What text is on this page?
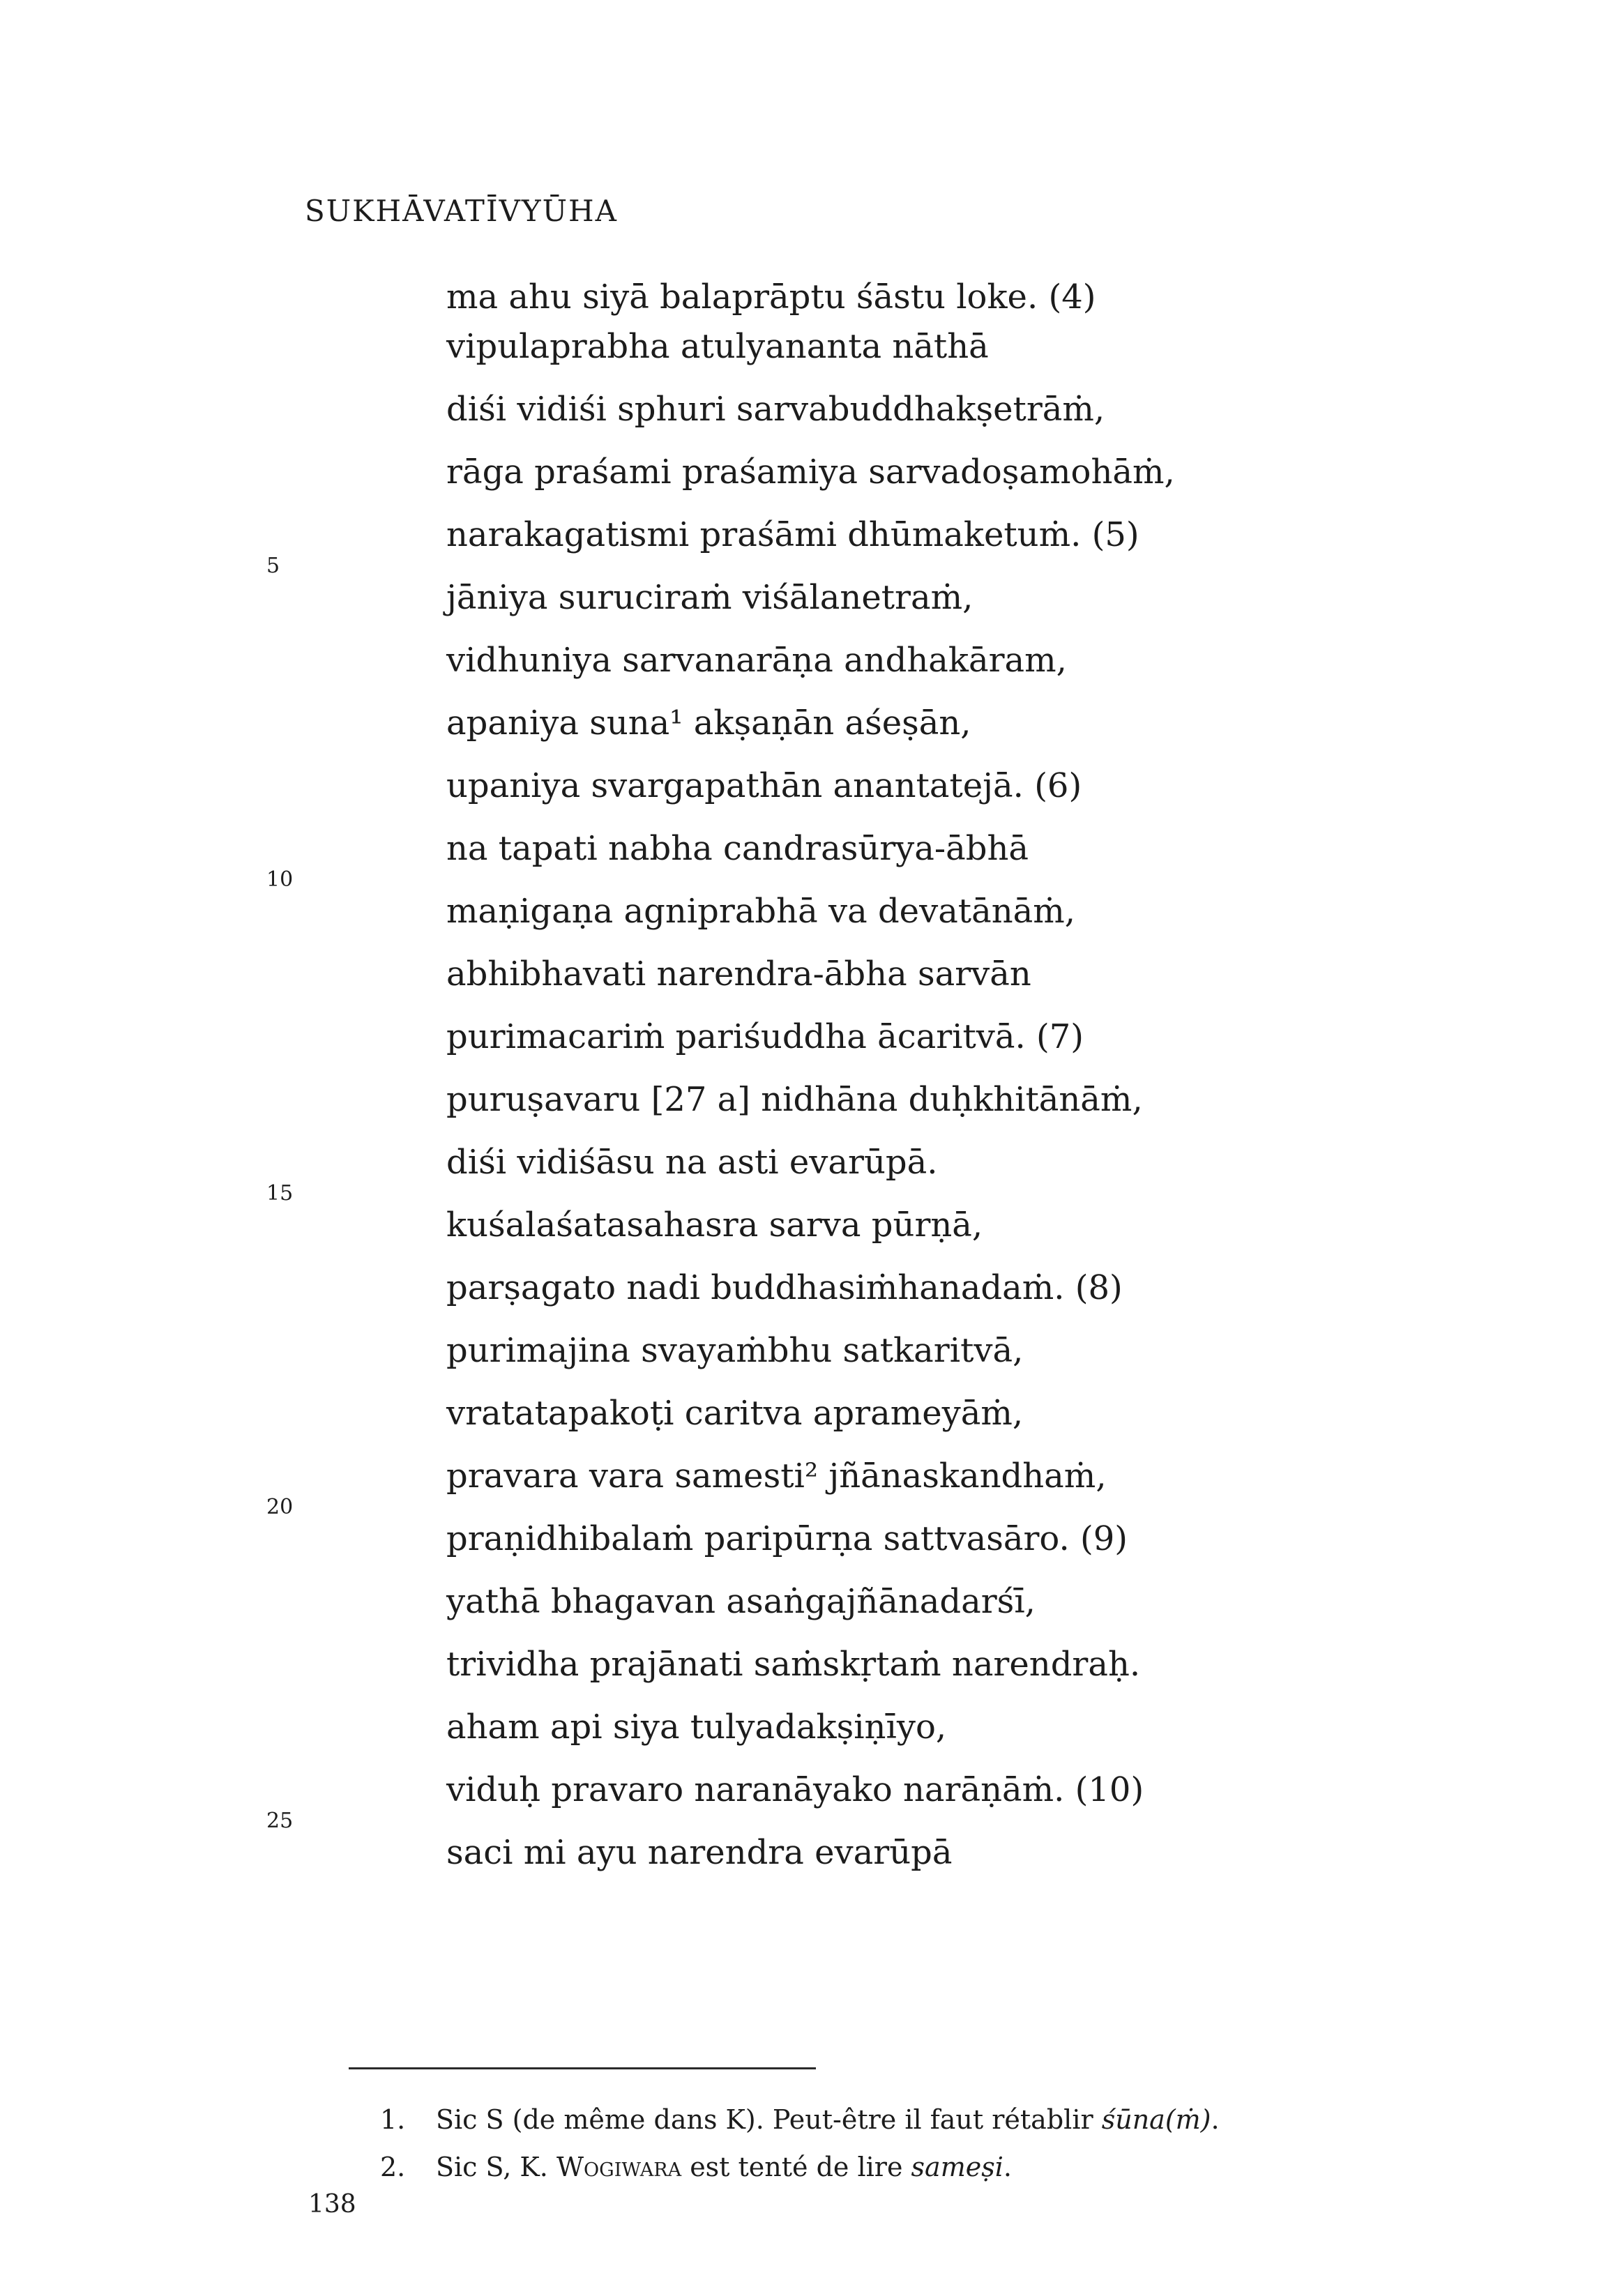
SUKHĀVATĪVYŪHA
ma ahu siyā balaprāptu śāstu loke. (4)
vipulaprabha atulyananta nāthā
diśi vidiśi sphuri sarvabuddhakṣetrāṁ,
rāga praśami praśamiya sarvadoṣamohāṁ,
narakagatismi praśāmi dhūmaketuṁ. (5)
jāniya suruciraṁ viśālanetraṁ,
vidhuniya sarvanarāṇa andhakāram,
apaniya suna¹ akṣaṇān aśeṣān,
upaniya svargapathān anantatejā. (6)
na tapati nabha candrasūrya-ābhā
maṇigaṇa agniprabhā va devatānāṁ,
abhibhavati narendra-ābha sarvān
purimacariṁ pariśuddha ācaritvā. (7)
puruṣavaru [27 a] nidhāna duḥkhitānāṁ,
diśi vidiśāsu na asti evarūpā.
kuśalaśatasahasra sarva pūrṇā,
parṣagato nadi buddhasiṁhanadaṁ. (8)
purimajina svayaṁbhu satkaritvā,
vratatapakoṭi caritva aprameyāṁ,
pravara vara samesti² jñānaskandhaṁ,
praṇidhibalaṁ paripūrṇa sattvasāro. (9)
yathā bhagavan asaṅgajñānadarśī,
trividha prajānati saṁskṛtaṁ narendraḥ.
aham api siya tulyadakṣiṇīyo,
viduḥ pravaro naranāyako narāṇāṁ. (10)
saci mi ayu narendra evarūpā
5
10
15
20
25
1. Sic S (de même dans K). Peut-être il faut rétablir śūna(ṁ).
2. Sic S, K. Wogiwara est tenté de lire sameṣi.
138
